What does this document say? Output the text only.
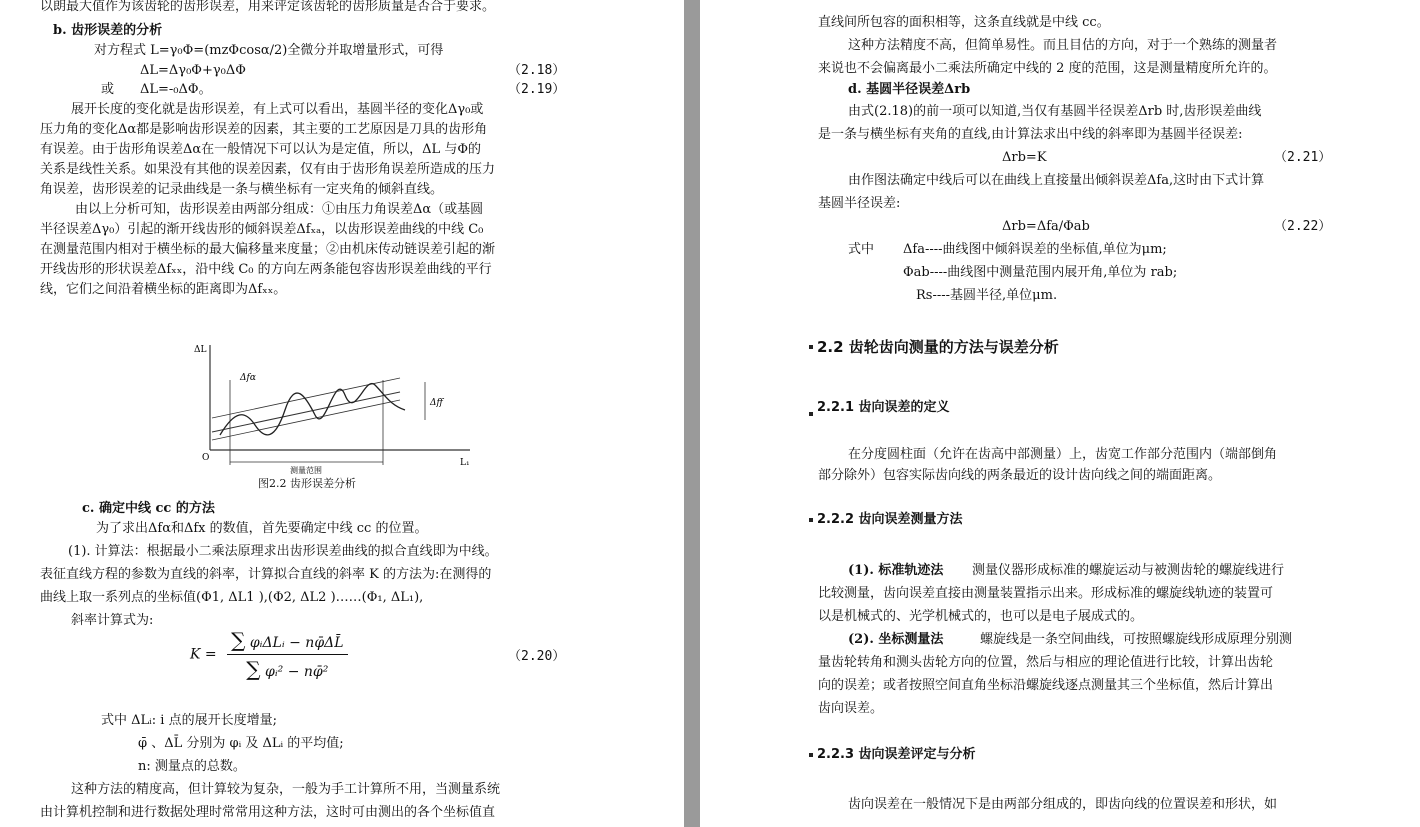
以朗最大值作为该齿轮的齿形误差，用来评定该齿轮的齿形质量是否合于要求。
b. 齿形误差的分析
对方程式 L=γ₀Φ=(mzΦcosα/2)全微分并取增量形式，可得
ΔL=Δγ₀Φ+γ₀ΔΦ	（2.18）
或 ΔL=-₀ΔΦ。	（2.19）
展开长度的变化就是齿形误差，有上式可以看出，基圆半径的变化Δγ₀或
压力角的变化Δα都是影响齿形误差的因素，其主要的工艺原因是刀具的齿形角
有误差。由于齿形角误差Δα在一般情况下可以认为是定值，所以，ΔL 与Φ的
关系是线性关系。如果没有其他的误差因素，仅有由于齿形角误差所造成的压力
角误差，齿形误差的记录曲线是一条与横坐标有一定夹角的倾斜直线。
由以上分析可知，齿形误差由两部分组成：①由压力角误差Δα（或基圆
半径误差Δγ₀）引起的渐开线齿形的倾斜误差Δfₓₐ，以齿形误差曲线的中线 C₀
在测量范围内相对于横坐标的最大偏移量来度量；②由机床传动链误差引起的渐
开线齿形的形状误差Δfₓₓ，沿中线 C₀ 的方向左两条能包容齿形误差曲线的平行
线，它们之间沿着横坐标的距离即为Δfₓₓ。
ΔL
Δfα
Δff
O	L₁
测量范围
图2.2 齿形误差分析
c. 确定中线 cc 的方法
为了求出Δfα和Δfx 的数值，首先要确定中线 cc 的位置。
(1). 计算法：根据最小二乘法原理求出齿形误差曲线的拟合直线即为中线。
表征直线方程的参数为直线的斜率，计算拟合直线的斜率 K 的方法为:在测得的
曲线上取一系列点的坐标值(Φ1, ΔL1 ),(Φ2, ΔL2 )……(Φ₁, ΔL₁),
斜率计算式为:
$K = \frac{\text{∑ φᵢΔLᵢ − nφ̄ΔL̄}}{\text{∑ φᵢ² − nφ̄²}}$	（2.20）
式中 ΔLᵢ: i 点的展开长度增量;
φ̄ 、ΔL̄ 分别为 φᵢ 及 ΔLᵢ 的平均值;
n: 测量点的总数。
这种方法的精度高，但计算较为复杂，一般为手工计算所不用，当测量系统
由计算机控制和进行数据处理时常常用这种方法，这时可由测出的各个坐标值直
直线间所包容的面积相等，这条直线就是中线 cc。
这种方法精度不高，但简单易性。而且目估的方向，对于一个熟练的测量者
来说也不会偏离最小二乘法所确定中线的 2 度的范围，这是测量精度所允许的。
d. 基圆半径误差Δrb
由式(2.18)的前一项可以知道,当仅有基圆半径误差Δrb 时,齿形误差曲线
是一条与横坐标有夹角的直线,由计算法求出中线的斜率即为基圆半径误差:
Δrb=K	（2.21）
由作图法确定中线后可以在曲线上直接量出倾斜误差Δfa,这时由下式计算
基圆半径误差:
Δrb=Δfa/Φab	（2.22）
式中 Δfa----曲线图中倾斜误差的坐标值,单位为μm;
Φab----曲线图中测量范围内展开角,单位为 rab;
Rs----基圆半径,单位μm.
2.2 齿轮齿向测量的方法与误差分析
2.2.1 齿向误差的定义
在分度圆柱面（允许在齿高中部测量）上，齿宽工作部分范围内（端部倒角
部分除外）包容实际齿向线的两条最近的设计齿向线之间的端面距离。
2.2.2 齿向误差测量方法
(1). 标准轨迹法 测量仪器形成标准的螺旋运动与被测齿轮的螺旋线进行
比较测量，齿向误差直接由测量装置指示出来。形成标准的螺旋线轨迹的装置可
以是机械式的、光学机械式的，也可以是电子展成式的。
(2). 坐标测量法	螺旋线是一条空间曲线，可按照螺旋线形成原理分别测
量齿轮转角和测头齿轮方向的位置，然后与相应的理论值进行比较，计算出齿轮
向的误差；或者按照空间直角坐标沿螺旋线逐点测量其三个坐标值，然后计算出
齿向误差。
2.2.3 齿向误差评定与分析
齿向误差在一般情况下是由两部分组成的，即齿向线的位置误差和形状，如
